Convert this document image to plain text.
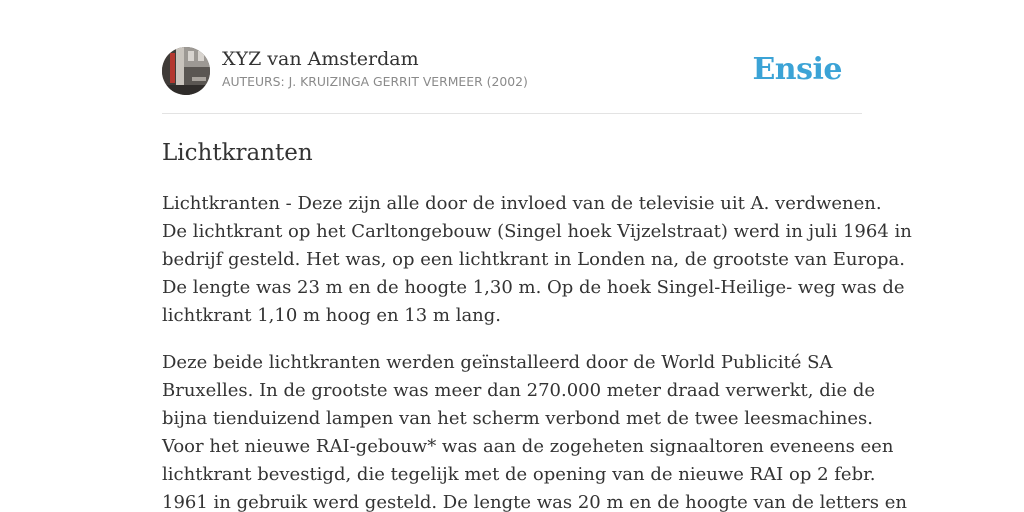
XYZ van Amsterdam
AUTEURS: J. KRUIZINGA GERRIT VERMEER (2002)	Ensie
Lichtkranten

Lichtkranten - Deze zijn alle door de invloed van de televisie uit A. verdwenen.
De lichtkrant op het Carltongebouw (Singel hoek Vijzelstraat) werd in juli 1964 in
bedrijf gesteld. Het was, op een lichtkrant in Londen na, de grootste van Europa.
De lengte was 23 m en de hoogte 1,30 m. Op de hoek Singel-Heilige- weg was de
lichtkrant 1,10 m hoog en 13 m lang.

Deze beide lichtkranten werden geïnstalleerd door de World Publicité SA
Bruxelles. In de grootste was meer dan 270.000 meter draad verwerkt, die de
bijna tienduizend lampen van het scherm verbond met de twee leesmachines.
Voor het nieuwe RAI-gebouw* was aan de zogeheten signaaltoren eveneens een
lichtkrant bevestigd, die tegelijk met de opening van de nieuwe RAI op 2 febr.
1961 in gebruik werd gesteld. De lengte was 20 m en de hoogte van de letters en
